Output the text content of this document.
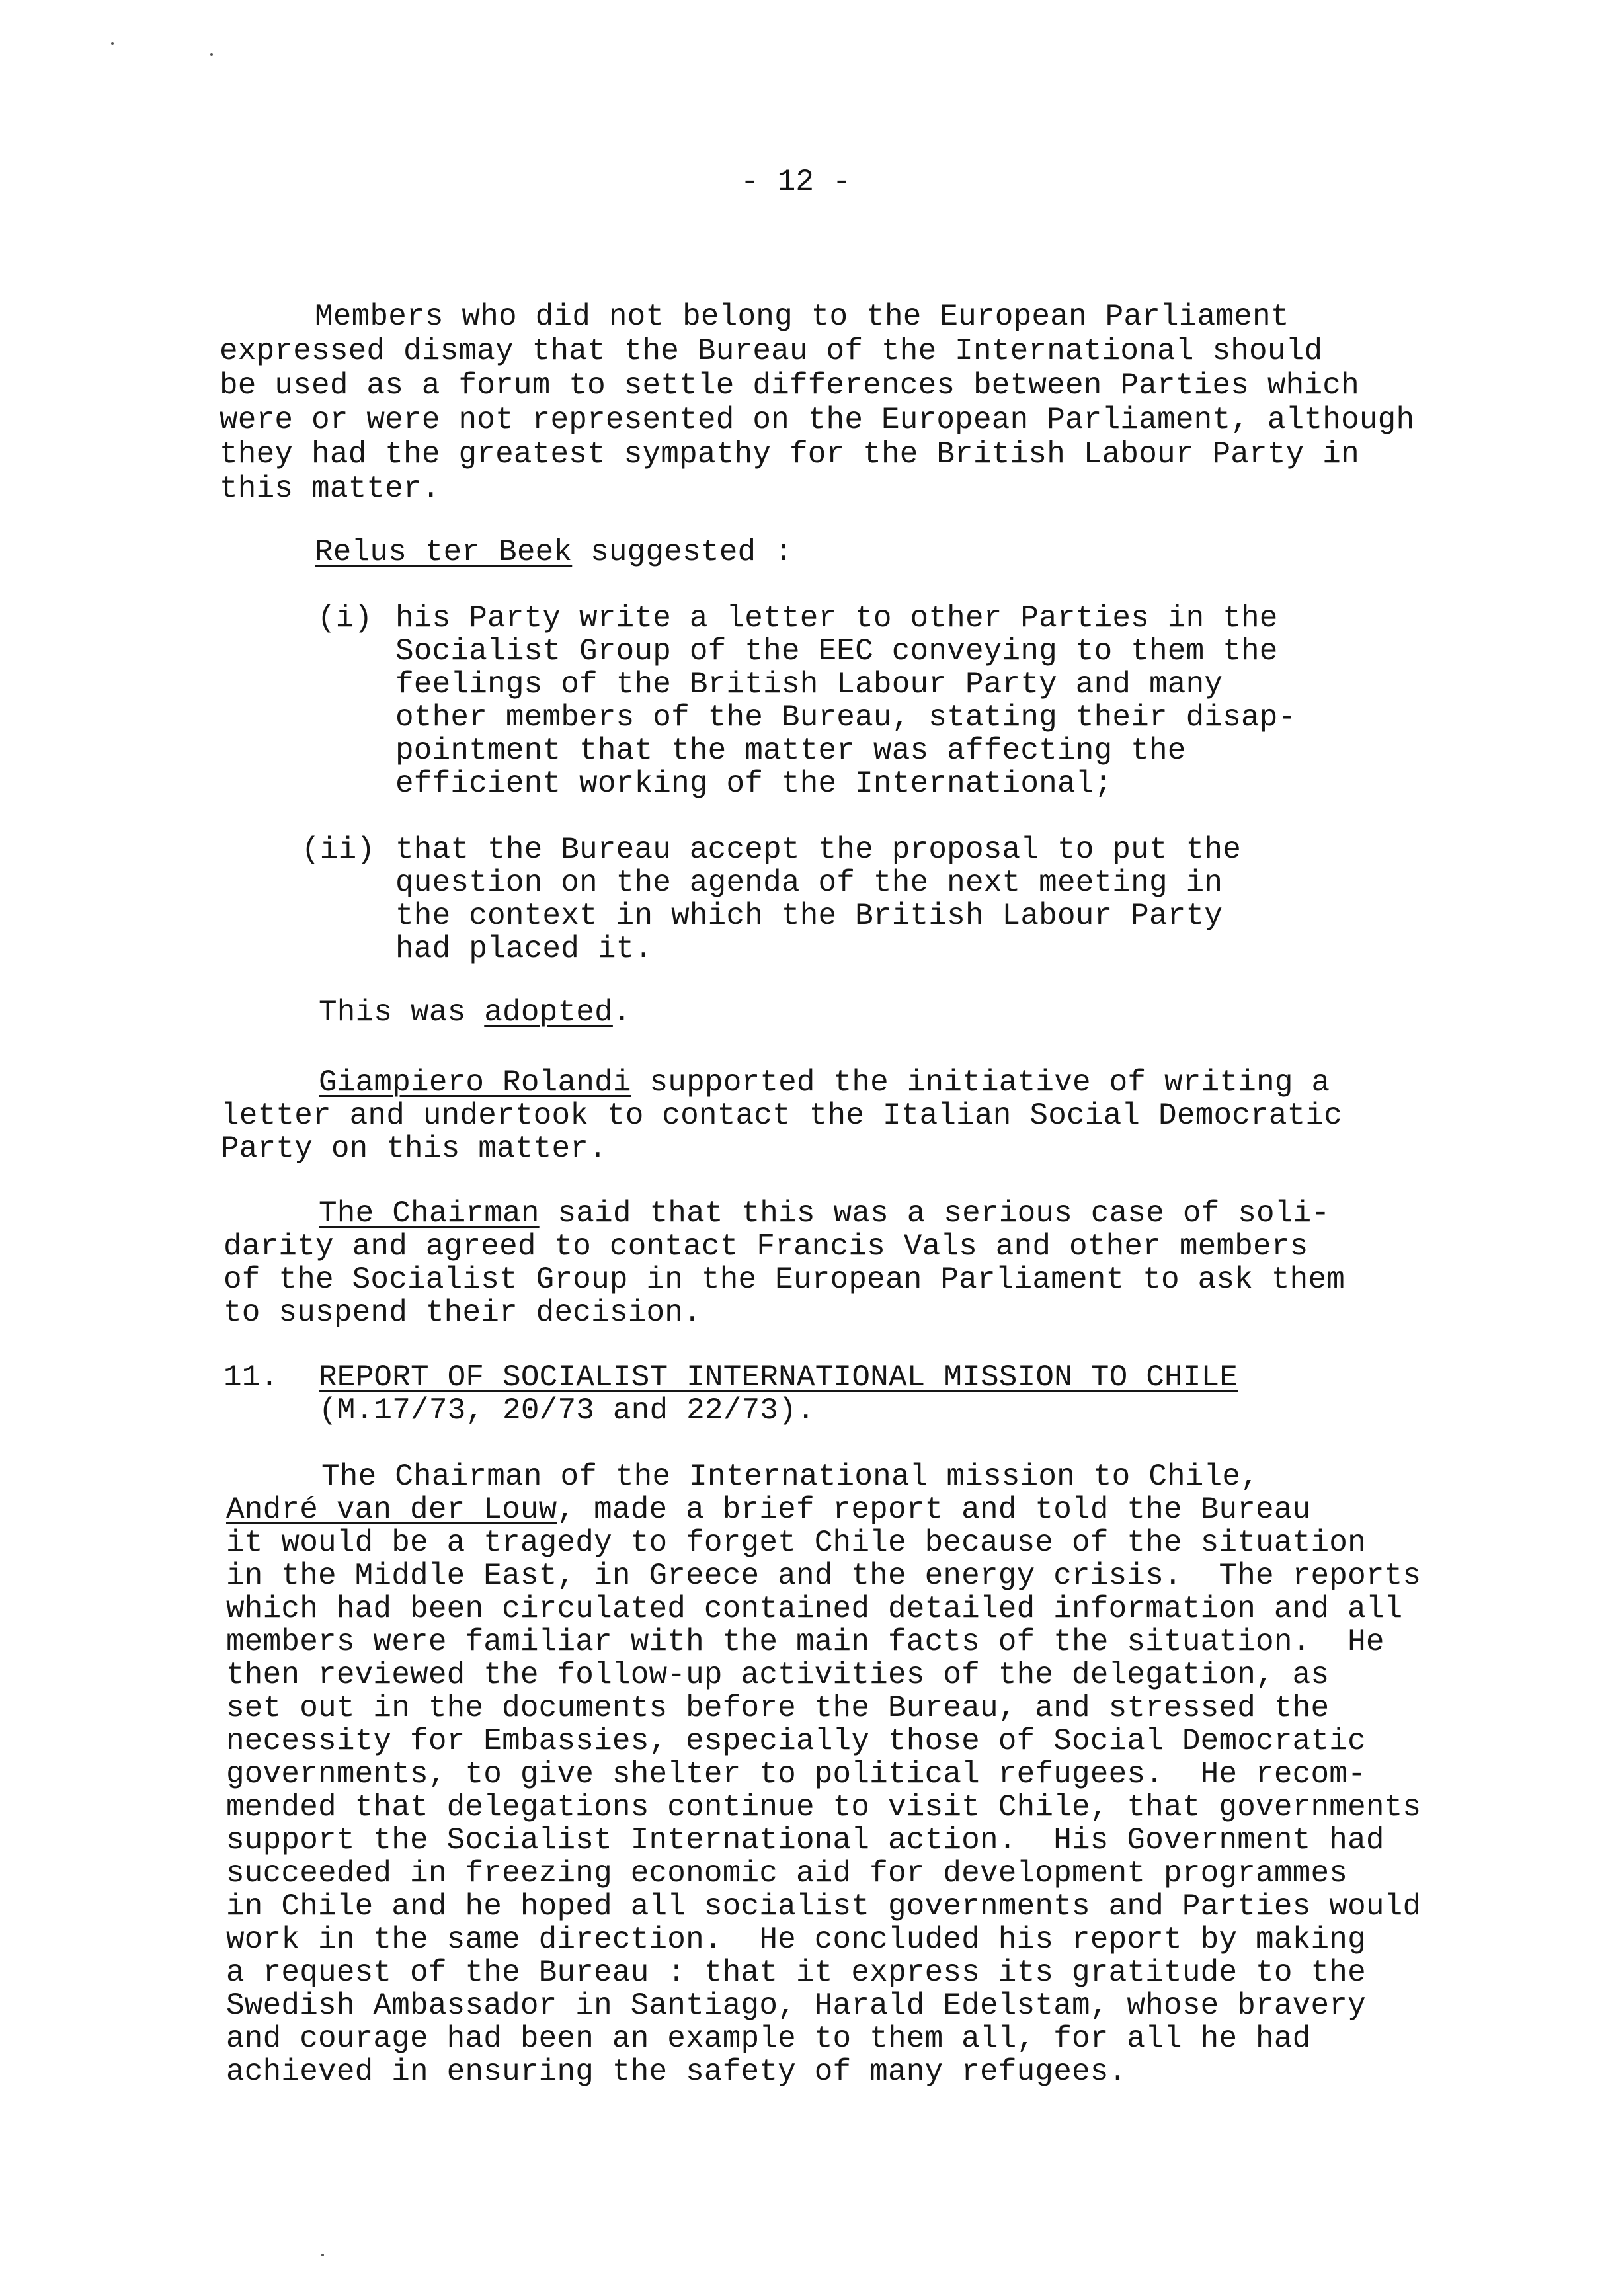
- 12 -
Members who did not belong to the European Parliament
expressed dismay that the Bureau of the International should
be used as a forum to settle differences between Parties which
were or were not represented on the European Parliament, although
they had the greatest sympathy for the British Labour Party in
this matter.
Relus ter Beek suggested :
(i) his Party write a letter to other Parties in the
Socialist Group of the EEC conveying to them the
feelings of the British Labour Party and many
other members of the Bureau, stating their disap-
pointment that the matter was affecting the
efficient working of the International;
(ii) that the Bureau accept the proposal to put the
question on the agenda of the next meeting in
the context in which the British Labour Party
had placed it.
This was adopted.
Giampiero Rolandi supported the initiative of writing a
letter and undertook to contact the Italian Social Democratic
Party on this matter.
The Chairman said that this was a serious case of soli-
darity and agreed to contact Francis Vals and other members
of the Socialist Group in the European Parliament to ask them
to suspend their decision.
11. REPORT OF SOCIALIST INTERNATIONAL MISSION TO CHILE
(M.17/73, 20/73 and 22/73).
The Chairman of the International mission to Chile,
André van der Louw, made a brief report and told the Bureau
it would be a tragedy to forget Chile because of the situation
in the Middle East, in Greece and the energy crisis.  The reports
which had been circulated contained detailed information and all
members were familiar with the main facts of the situation.  He
then reviewed the follow-up activities of the delegation, as
set out in the documents before the Bureau, and stressed the
necessity for Embassies, especially those of Social Democratic
governments, to give shelter to political refugees.  He recom-
mended that delegations continue to visit Chile, that governments
support the Socialist International action.  His Government had
succeeded in freezing economic aid for development programmes
in Chile and he hoped all socialist governments and Parties would
work in the same direction.  He concluded his report by making
a request of the Bureau : that it express its gratitude to the
Swedish Ambassador in Santiago, Harald Edelstam, whose bravery
and courage had been an example to them all, for all he had
achieved in ensuring the safety of many refugees.
